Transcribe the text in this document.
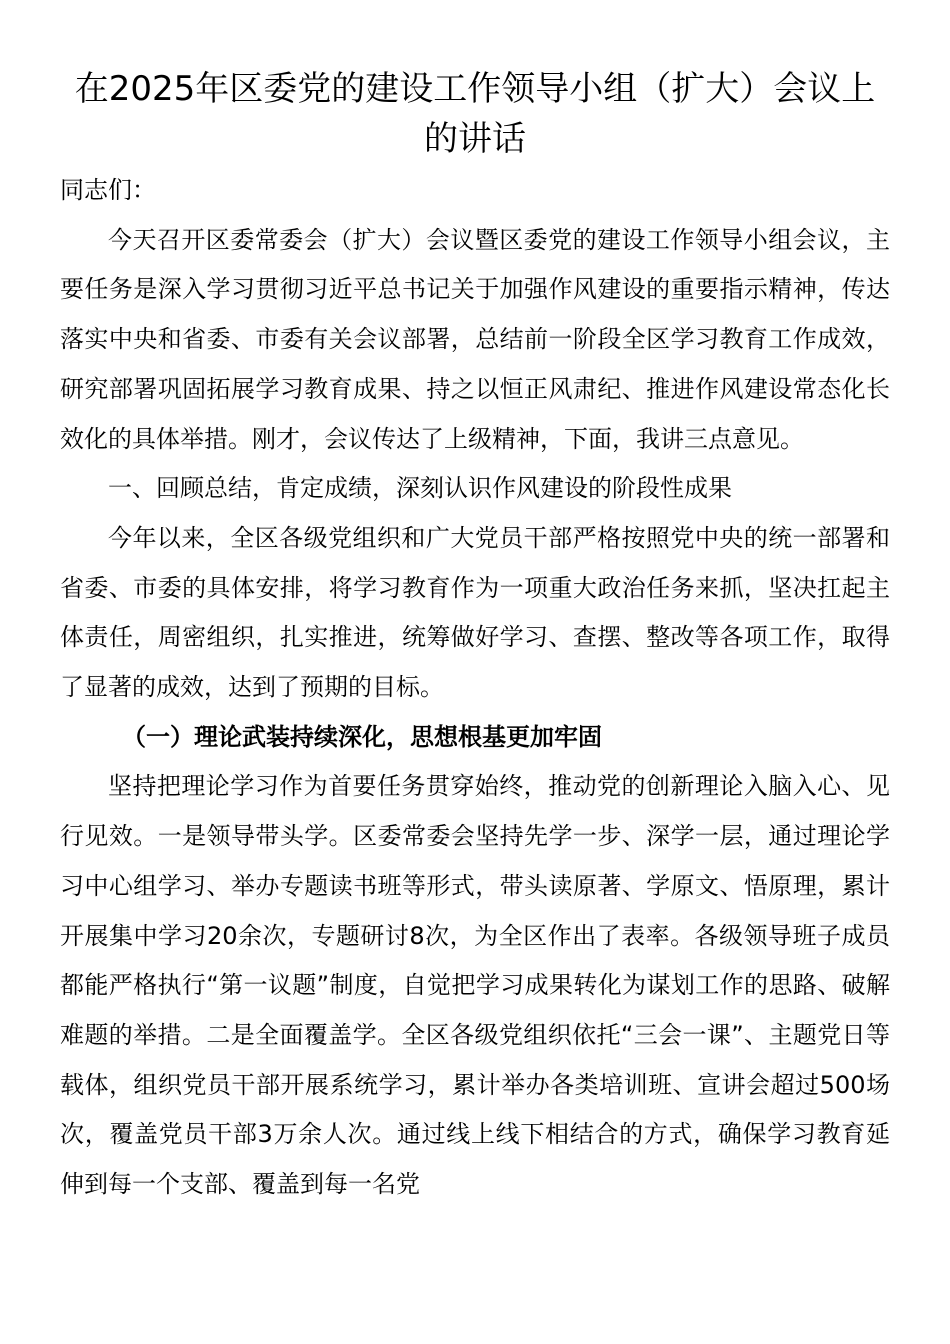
在2025年区委党的建设工作领导小组（扩大）会议上的讲话

同志们：

今天召开区委常委会（扩大）会议暨区委党的建设工作领导小组会议，主要任务是深入学习贯彻习近平总书记关于加强作风建设的重要指示精神，传达落实中央和省委、市委有关会议部署，总结前一阶段全区学习教育工作成效，研究部署巩固拓展学习教育成果、持之以恒正风肃纪、推进作风建设常态化长效化的具体举措。刚才，会议传达了上级精神，下面，我讲三点意见。

一、回顾总结，肯定成绩，深刻认识作风建设的阶段性成果

今年以来，全区各级党组织和广大党员干部严格按照党中央的统一部署和省委、市委的具体安排，将学习教育作为一项重大政治任务来抓，坚决扛起主体责任，周密组织，扎实推进，统筹做好学习、查摆、整改等各项工作，取得了显著的成效，达到了预期的目标。

（一）理论武装持续深化，思想根基更加牢固

坚持把理论学习作为首要任务贯穿始终，推动党的创新理论入脑入心、见行见效。一是领导带头学。区委常委会坚持先学一步、深学一层，通过理论学习中心组学习、举办专题读书班等形式，带头读原著、学原文、悟原理，累计开展集中学习20余次，专题研讨8次，为全区作出了表率。各级领导班子成员都能严格执行“第一议题”制度，自觉把学习成果转化为谋划工作的思路、破解难题的举措。二是全面覆盖学。全区各级党组织依托“三会一课”、主题党日等载体，组织党员干部开展系统学习，累计举办各类培训班、宣讲会超过500场次，覆盖党员干部3万余人次。通过线上线下相结合的方式，确保学习教育延伸到每一个支部、覆盖到每一名党
